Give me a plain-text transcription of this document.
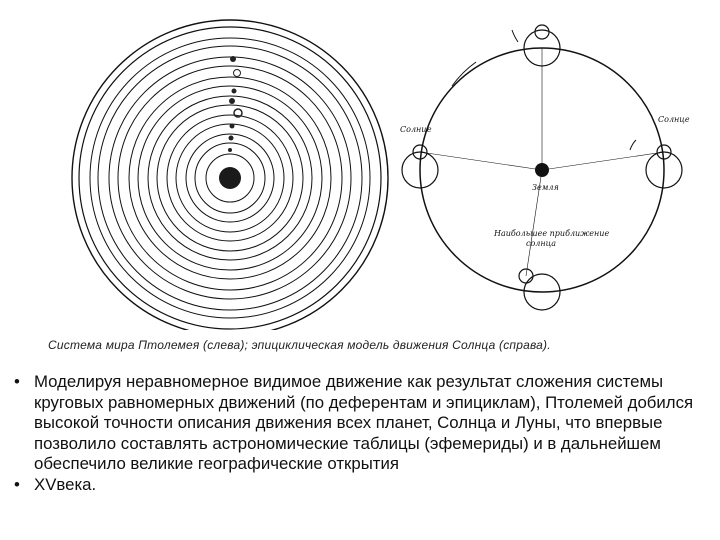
Солнце
Солнце
Земля
Наибольшее приближение
солнца
Система мира Птолемея (слева); эпициклическая модель движения Солнца (справа).
• Моделируя неравномерное видимое движение как результат сложения системы круговых равномерных движений (по деферентам и эпициклам), Птолемей добился высокой точности описания движения всех планет, Солнца и Луны, что впервые позволило составлять астрономические таблицы (эфемериды) и в дальнейшем обеспечило великие географические открытия
• XVвека.
